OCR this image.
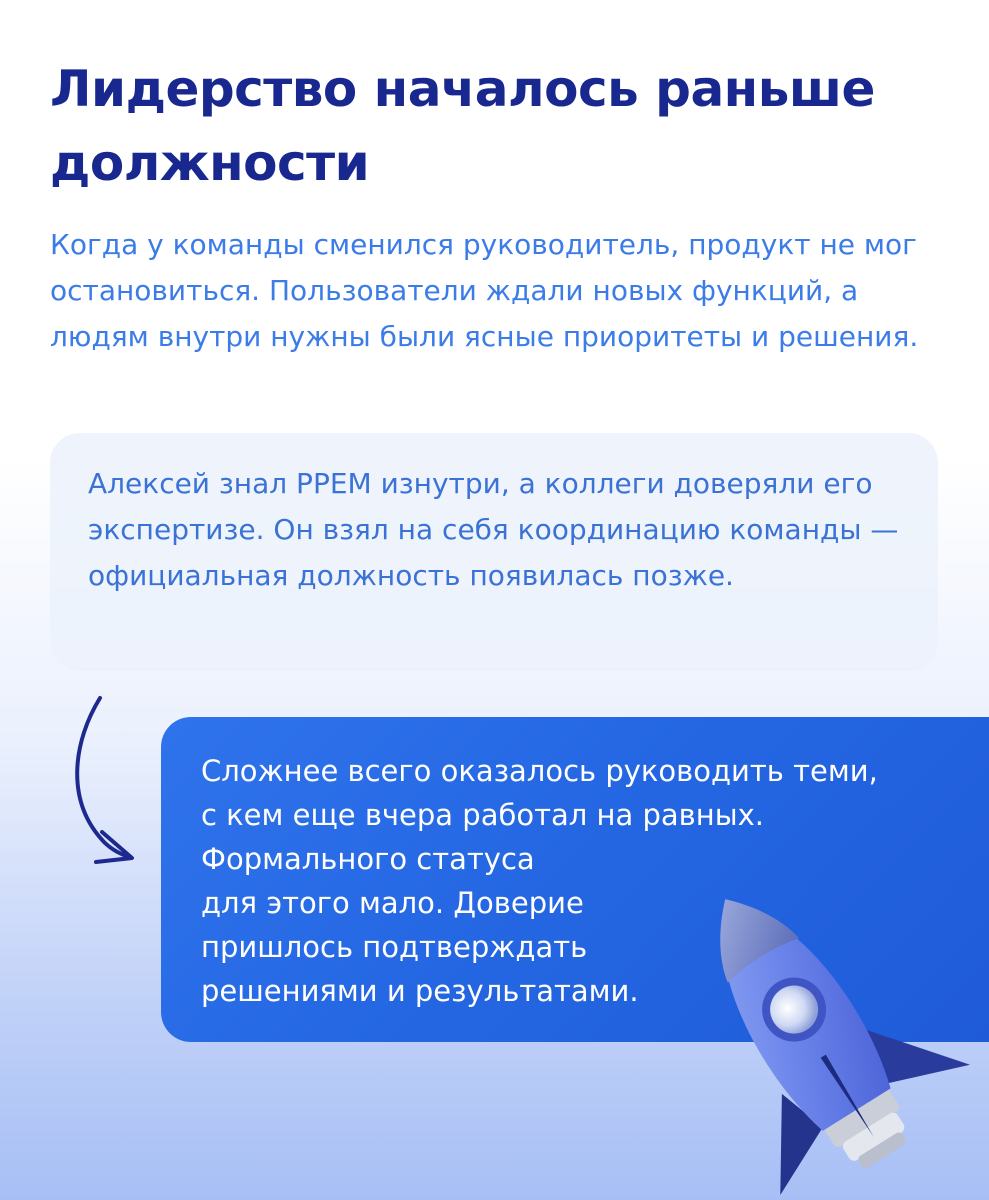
Лидерство началось раньше должности

Когда у команды сменился руководитель, продукт не мог остановиться. Пользователи ждали новых функций, а людям внутри нужны были ясные приоритеты и решения.

Алексей знал PPEM изнутри, а коллеги доверяли его экспертизе. Он взял на себя координацию команды — официальная должность появилась позже.

Сложнее всего оказалось руководить теми,
с кем еще вчера работал на равных.
Формального статуса
для этого мало. Доверие
пришлось подтверждать
решениями и результатами.
